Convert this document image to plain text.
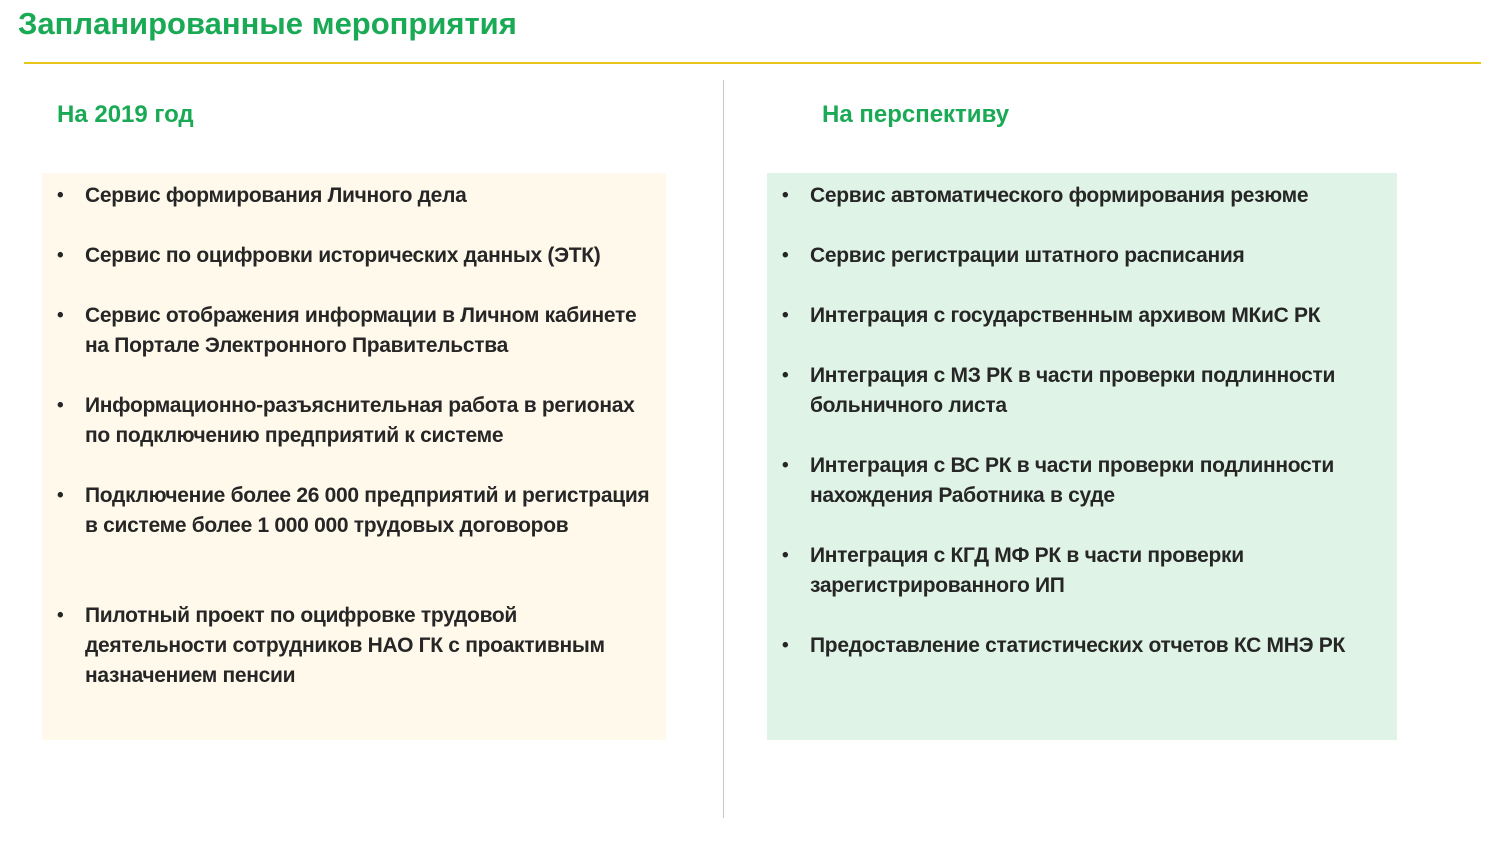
Запланированные мероприятия
На 2019 год	На перспективу
•	Сервис формирования Личного дела
•	Сервис по оцифровки исторических данных (ЭТК)
•	Сервис отображения информации в Личном кабинете на Портале Электронного Правительства
•	Информационно-разъяснительная работа в регионах по подключению предприятий к системе
•	Подключение более 26 000 предприятий и регистрация в системе более 1 000 000 трудовых договоров
•	Пилотный проект по оцифровке трудовой деятельности сотрудников НАО ГК с проактивным назначением пенсии
•	Сервис автоматического формирования резюме
•	Сервис регистрации штатного расписания
•	Интеграция с государственным архивом МКиС РК
•	Интеграция с МЗ РК в части проверки подлинности больничного листа
•	Интеграция с ВС РК в части проверки подлинности нахождения Работника в суде
•	Интеграция с КГД МФ РК в части проверки зарегистрированного ИП
•	Предоставление статистических отчетов КС МНЭ РК
